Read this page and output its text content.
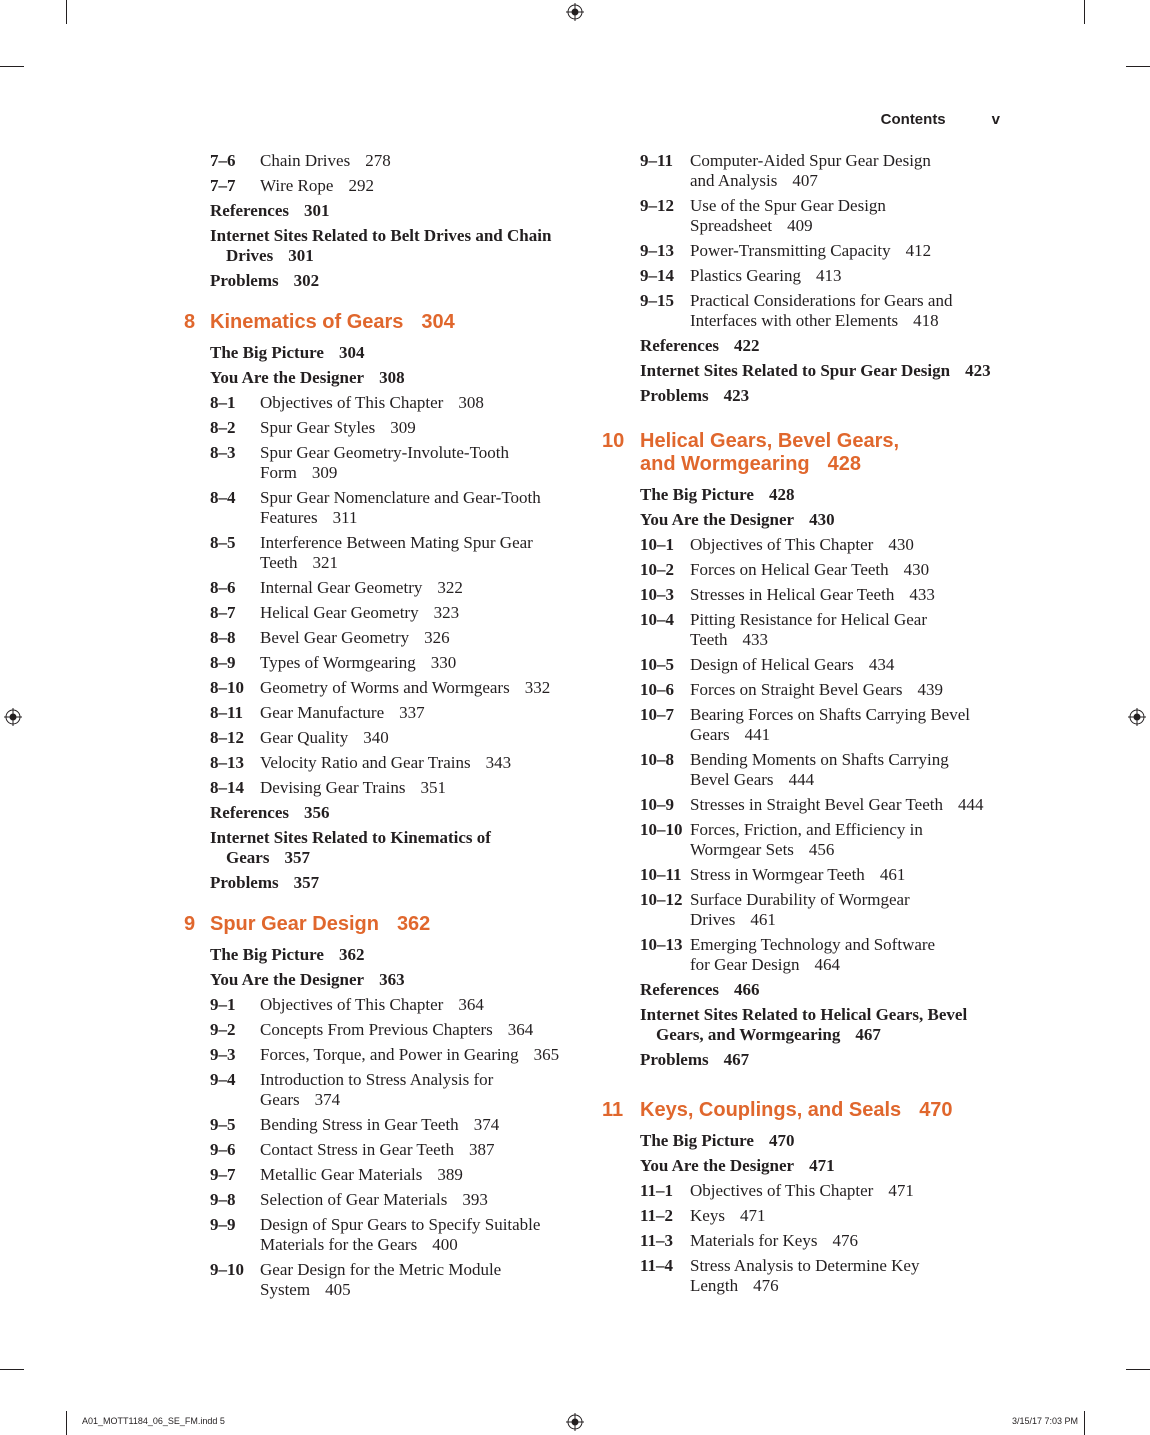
Contents	v
7–6	Chain Drives 278
7–7	Wire Rope 292
References 301
Internet Sites Related to Belt Drives and Chain Drives 301
Problems 302
8 Kinematics of Gears 304
The Big Picture 304
You Are the Designer 308
8–1	Objectives of This Chapter 308
8–2	Spur Gear Styles 309
8–3	Spur Gear Geometry-Involute-Tooth Form 309
8–4	Spur Gear Nomenclature and Gear-Tooth Features 311
8–5	Interference Between Mating Spur Gear Teeth 321
8–6	Internal Gear Geometry 322
8–7	Helical Gear Geometry 323
8–8	Bevel Gear Geometry 326
8–9	Types of Wormgearing 330
8–10 Geometry of Worms and Wormgears 332
8–11 Gear Manufacture 337
8–12 Gear Quality 340
8–13 Velocity Ratio and Gear Trains 343
8–14 Devising Gear Trains 351
References 356
Internet Sites Related to Kinematics of Gears 357
Problems 357
9 Spur Gear Design 362
The Big Picture 362
You Are the Designer 363
9–1	Objectives of This Chapter 364
9–2	Concepts From Previous Chapters 364
9–3	Forces, Torque, and Power in Gearing 365
9–4	Introduction to Stress Analysis for Gears 374
9–5	Bending Stress in Gear Teeth 374
9–6	Contact Stress in Gear Teeth 387
9–7	Metallic Gear Materials 389
9–8	Selection of Gear Materials 393
9–9	Design of Spur Gears to Specify Suitable Materials for the Gears 400
9–10 Gear Design for the Metric Module System 405
9–11 Computer-Aided Spur Gear Design and Analysis 407
9–12 Use of the Spur Gear Design Spreadsheet 409
9–13 Power-Transmitting Capacity 412
9–14 Plastics Gearing 413
9–15 Practical Considerations for Gears and Interfaces with other Elements 418
References 422
Internet Sites Related to Spur Gear Design 423
Problems 423
10 Helical Gears, Bevel Gears,
and Wormgearing 428
The Big Picture 428
You Are the Designer 430
10–1 Objectives of This Chapter 430
10–2 Forces on Helical Gear Teeth 430
10–3 Stresses in Helical Gear Teeth 433
10–4 Pitting Resistance for Helical Gear Teeth 433
10–5 Design of Helical Gears 434
10–6 Forces on Straight Bevel Gears 439
10–7 Bearing Forces on Shafts Carrying Bevel Gears 441
10–8 Bending Moments on Shafts Carrying Bevel Gears 444
10–9 Stresses in Straight Bevel Gear Teeth 444
10–10 Forces, Friction, and Efficiency in Wormgear Sets 456
10–11 Stress in Wormgear Teeth 461
10–12 Surface Durability of Wormgear Drives 461
10–13 Emerging Technology and Software for Gear Design 464
References 466
Internet Sites Related to Helical Gears, Bevel Gears, and Wormgearing 467
Problems 467
11 Keys, Couplings, and Seals 470
The Big Picture 470
You Are the Designer 471
11–1 Objectives of This Chapter 471
11–2 Keys 471
11–3 Materials for Keys 476
11–4 Stress Analysis to Determine Key Length 476
A01_MOTT1184_06_SE_FM.indd 5	3/15/17 7:03 PM
